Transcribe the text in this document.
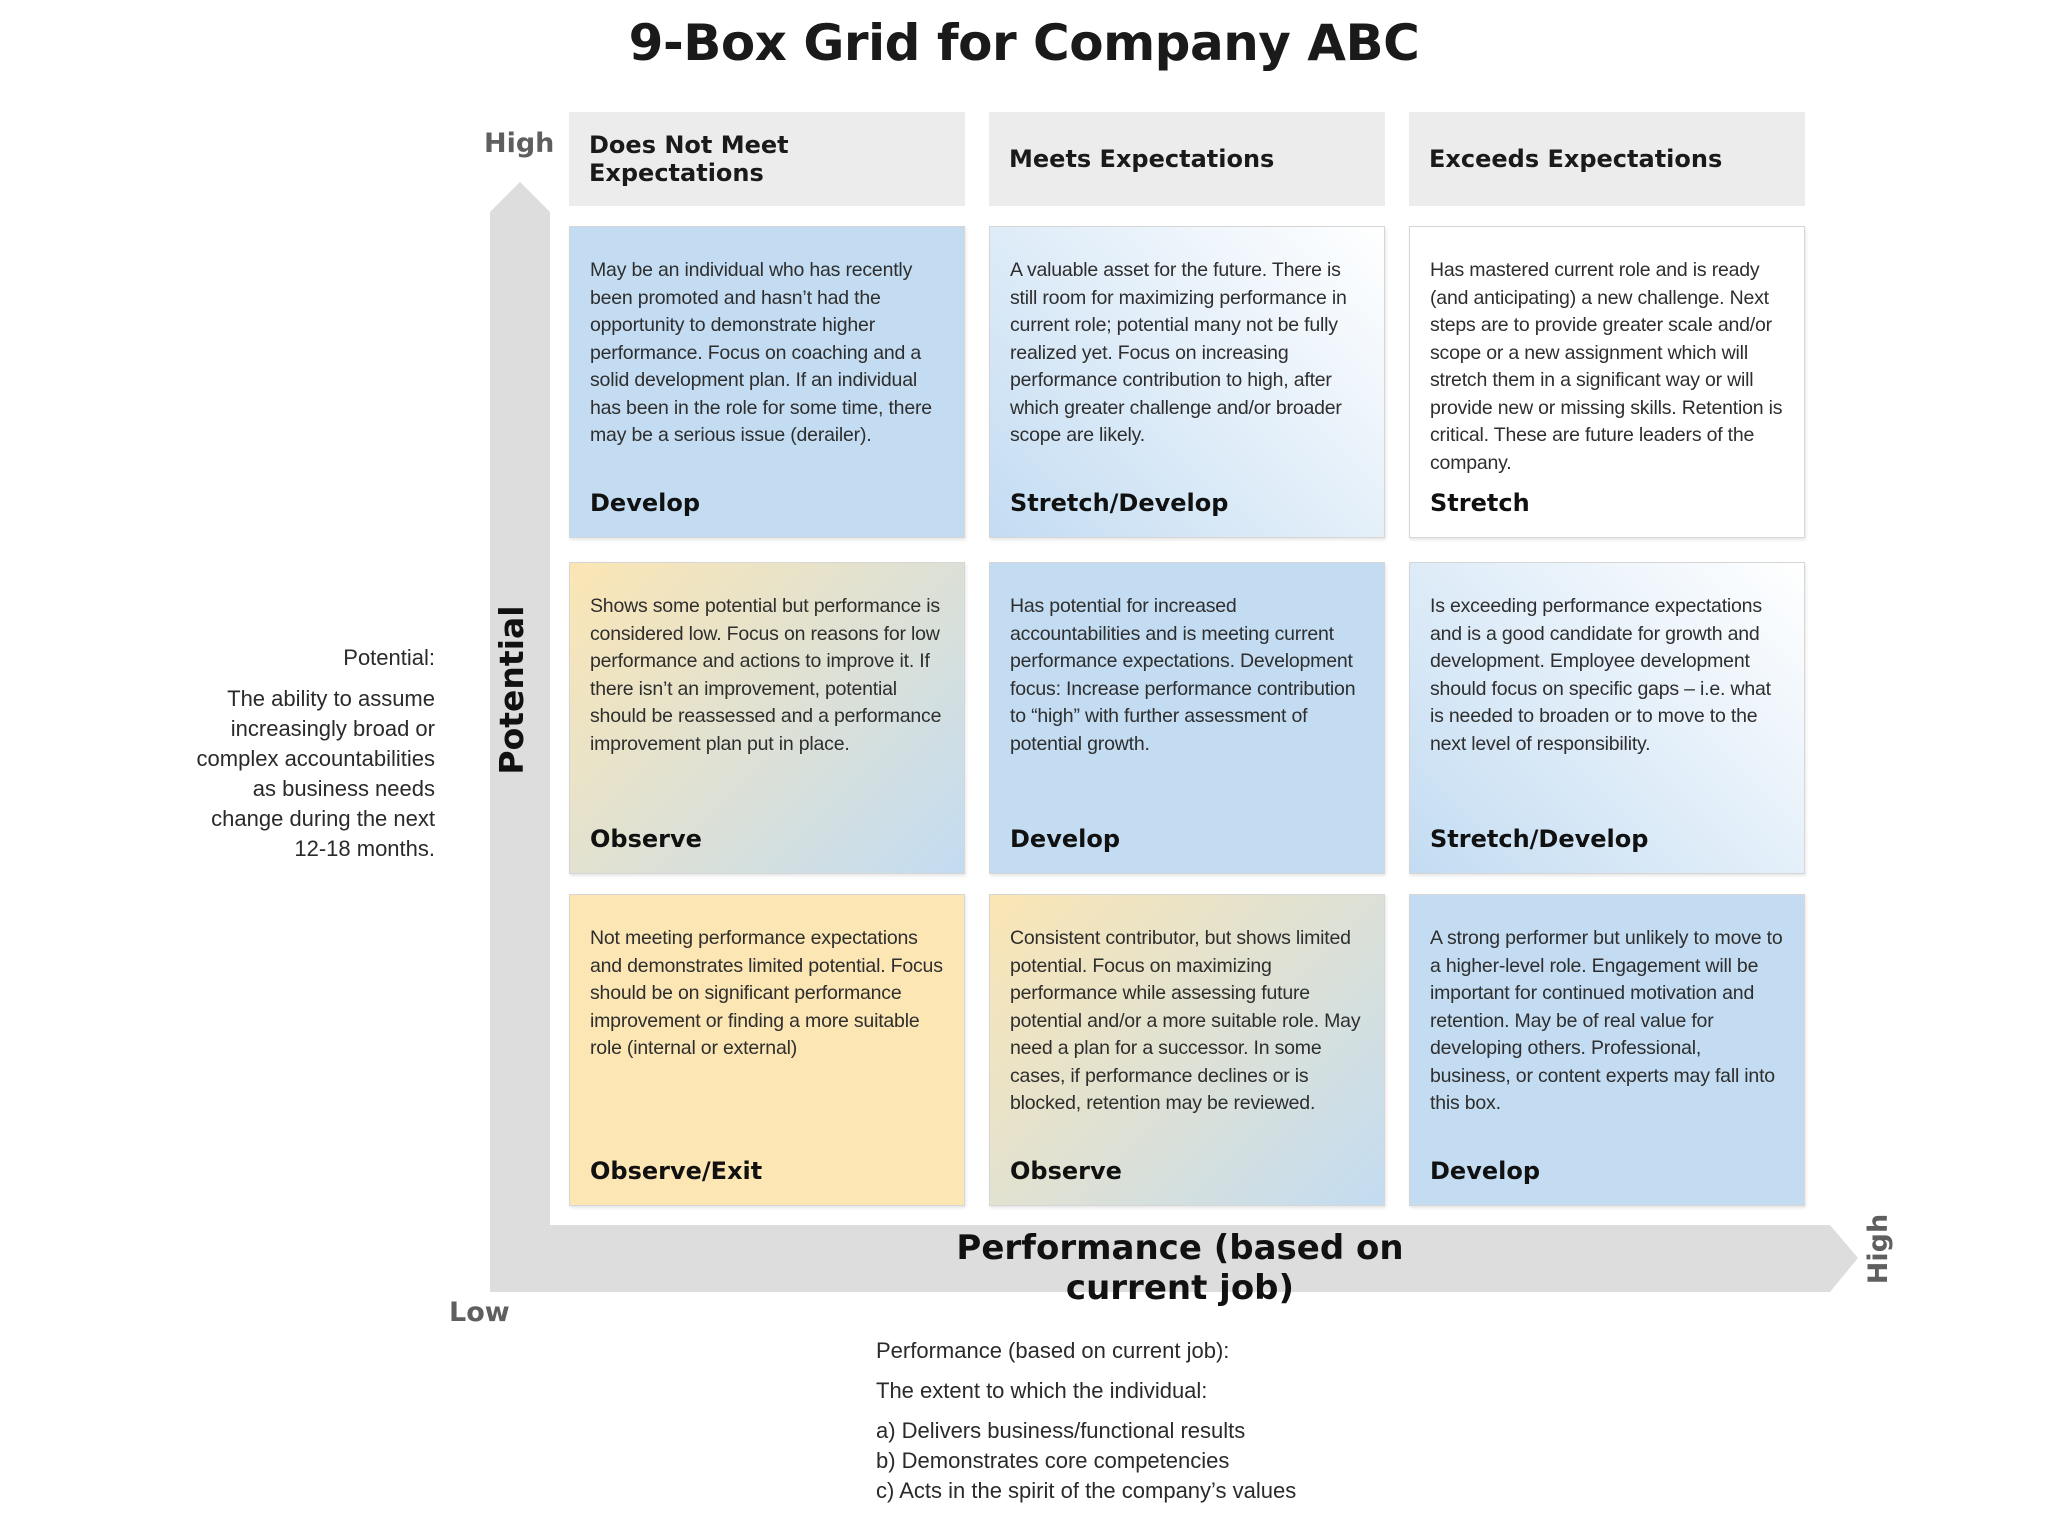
9-Box Grid for Company ABC
High
Low
High
Potential
Performance (based on current job)
Does Not Meet Expectations	Meets Expectations	Exceeds Expectations
May be an individual who has recently been promoted and hasn’t had the opportunity to demonstrate higher performance. Focus on coaching and a solid development plan. If an individual has been in the role for some time, there may be a serious issue (derailer).
Develop
A valuable asset for the future. There is still room for maximizing performance in current role; potential many not be fully realized yet. Focus on increasing performance contribution to high, after which greater challenge and/or broader scope are likely.
Stretch/Develop
Has mastered current role and is ready (and anticipating) a new challenge. Next steps are to provide greater scale and/or scope or a new assignment which will stretch them in a significant way or will provide new or missing skills. Retention is critical. These are future leaders of the company.
Stretch
Shows some potential but performance is considered low. Focus on reasons for low performance and actions to improve it. If there isn’t an improvement, potential should be reassessed and a performance improvement plan put in place.
Observe
Has potential for increased accountabilities and is meeting current performance expectations. Development focus: Increase performance contribution to “high” with further assessment of potential growth.
Develop
Is exceeding performance expectations and is a good candidate for growth and development. Employee development should focus on specific gaps – i.e. what is needed to broaden or to move to the next level of responsibility.
Stretch/Develop
Not meeting performance expectations and demonstrates limited potential. Focus should be on significant performance improvement or finding a more suitable role (internal or external)
Observe/Exit
Consistent contributor, but shows limited potential. Focus on maximizing performance while assessing future potential and/or a more suitable role. May need a plan for a successor. In some cases, if performance declines or is blocked, retention may be reviewed.
Observe
A strong performer but unlikely to move to a higher-level role. Engagement will be important for continued motivation and retention. May be of real value for developing others. Professional, business, or content experts may fall into this box.
Develop
Potential:
The ability to assume
increasingly broad or
complex accountabilities
as business needs
change during the next
12-18 months.
Performance (based on current job):
The extent to which the individual:
a) Delivers business/functional results
b) Demonstrates core competencies
c) Acts in the spirit of the company’s values
